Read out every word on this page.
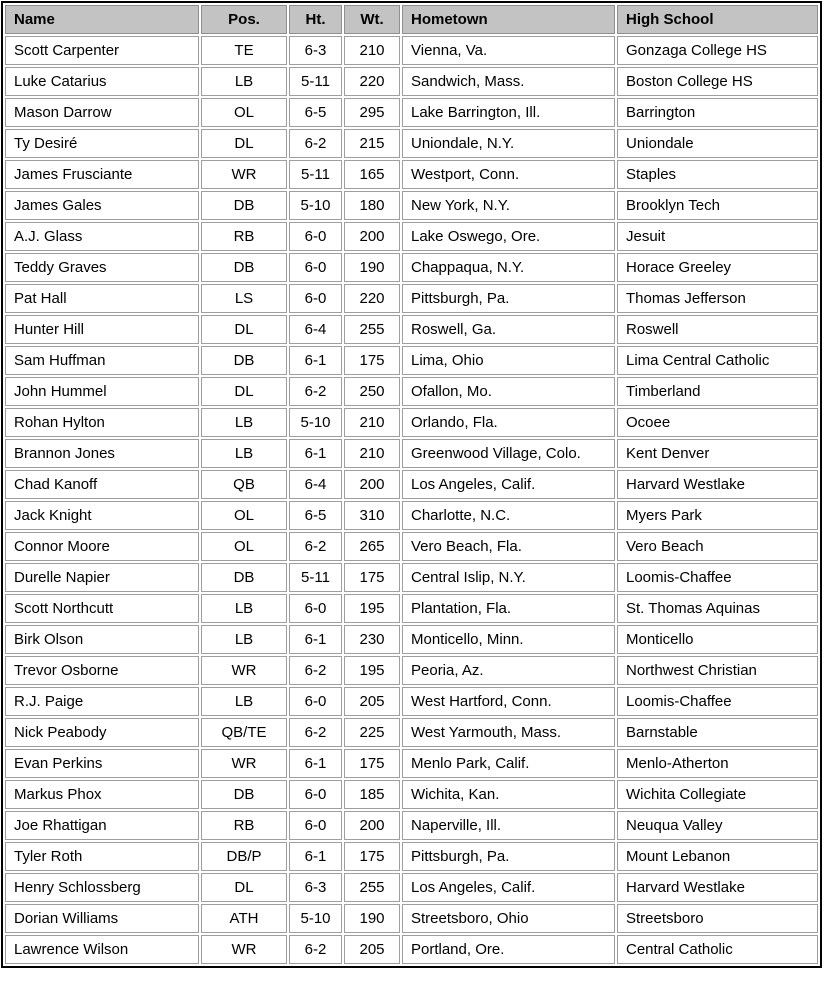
Name	Pos.	Ht.	Wt.	Hometown	High School
Scott Carpenter	TE	6-3	210	Vienna, Va.	Gonzaga College HS
Luke Catarius	LB	5-11	220	Sandwich, Mass.	Boston College HS
Mason Darrow	OL	6-5	295	Lake Barrington, Ill.	Barrington
Ty Desiré	DL	6-2	215	Uniondale, N.Y.	Uniondale
James Frusciante	WR	5-11	165	Westport, Conn.	Staples
James Gales	DB	5-10	180	New York, N.Y.	Brooklyn Tech
A.J. Glass	RB	6-0	200	Lake Oswego, Ore.	Jesuit
Teddy Graves	DB	6-0	190	Chappaqua, N.Y.	Horace Greeley
Pat Hall	LS	6-0	220	Pittsburgh, Pa.	Thomas Jefferson
Hunter Hill	DL	6-4	255	Roswell, Ga.	Roswell
Sam Huffman	DB	6-1	175	Lima, Ohio	Lima Central Catholic
John Hummel	DL	6-2	250	Ofallon, Mo.	Timberland
Rohan Hylton	LB	5-10	210	Orlando, Fla.	Ocoee
Brannon Jones	LB	6-1	210	Greenwood Village, Colo.	Kent Denver
Chad Kanoff	QB	6-4	200	Los Angeles, Calif.	Harvard Westlake
Jack Knight	OL	6-5	310	Charlotte, N.C.	Myers Park
Connor Moore	OL	6-2	265	Vero Beach, Fla.	Vero Beach
Durelle Napier	DB	5-11	175	Central Islip, N.Y.	Loomis-Chaffee
Scott Northcutt	LB	6-0	195	Plantation, Fla.	St. Thomas Aquinas
Birk Olson	LB	6-1	230	Monticello, Minn.	Monticello
Trevor Osborne	WR	6-2	195	Peoria, Az.	Northwest Christian
R.J. Paige	LB	6-0	205	West Hartford, Conn.	Loomis-Chaffee
Nick Peabody	QB/TE	6-2	225	West Yarmouth, Mass.	Barnstable
Evan Perkins	WR	6-1	175	Menlo Park, Calif.	Menlo-Atherton
Markus Phox	DB	6-0	185	Wichita, Kan.	Wichita Collegiate
Joe Rhattigan	RB	6-0	200	Naperville, Ill.	Neuqua Valley
Tyler Roth	DB/P	6-1	175	Pittsburgh, Pa.	Mount Lebanon
Henry Schlossberg	DL	6-3	255	Los Angeles, Calif.	Harvard Westlake
Dorian Williams	ATH	5-10	190	Streetsboro, Ohio	Streetsboro
Lawrence Wilson	WR	6-2	205	Portland, Ore.	Central Catholic
